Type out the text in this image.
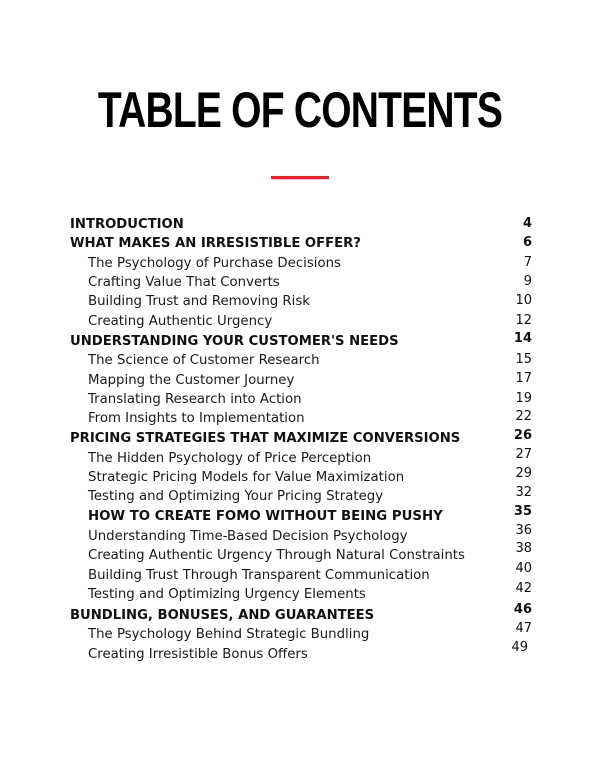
TABLE OF CONTENTS
INTRODUCTION	4
WHAT MAKES AN IRRESISTIBLE OFFER?	6
The Psychology of Purchase Decisions	7
Crafting Value That Converts	9
Building Trust and Removing Risk	10
Creating Authentic Urgency	12
UNDERSTANDING YOUR CUSTOMER'S NEEDS	14
The Science of Customer Research	15
Mapping the Customer Journey	17
Translating Research into Action	19
From Insights to Implementation	22
PRICING STRATEGIES THAT MAXIMIZE CONVERSIONS	26
The Hidden Psychology of Price Perception	27
Strategic Pricing Models for Value Maximization	29
Testing and Optimizing Your Pricing Strategy	32
HOW TO CREATE FOMO WITHOUT BEING PUSHY	35
Understanding Time-Based Decision Psychology	36
Creating Authentic Urgency Through Natural Constraints	38
Building Trust Through Transparent Communication	40
Testing and Optimizing Urgency Elements	42
BUNDLING, BONUSES, AND GUARANTEES	46
The Psychology Behind Strategic Bundling	47
Creating Irresistible Bonus Offers	49
